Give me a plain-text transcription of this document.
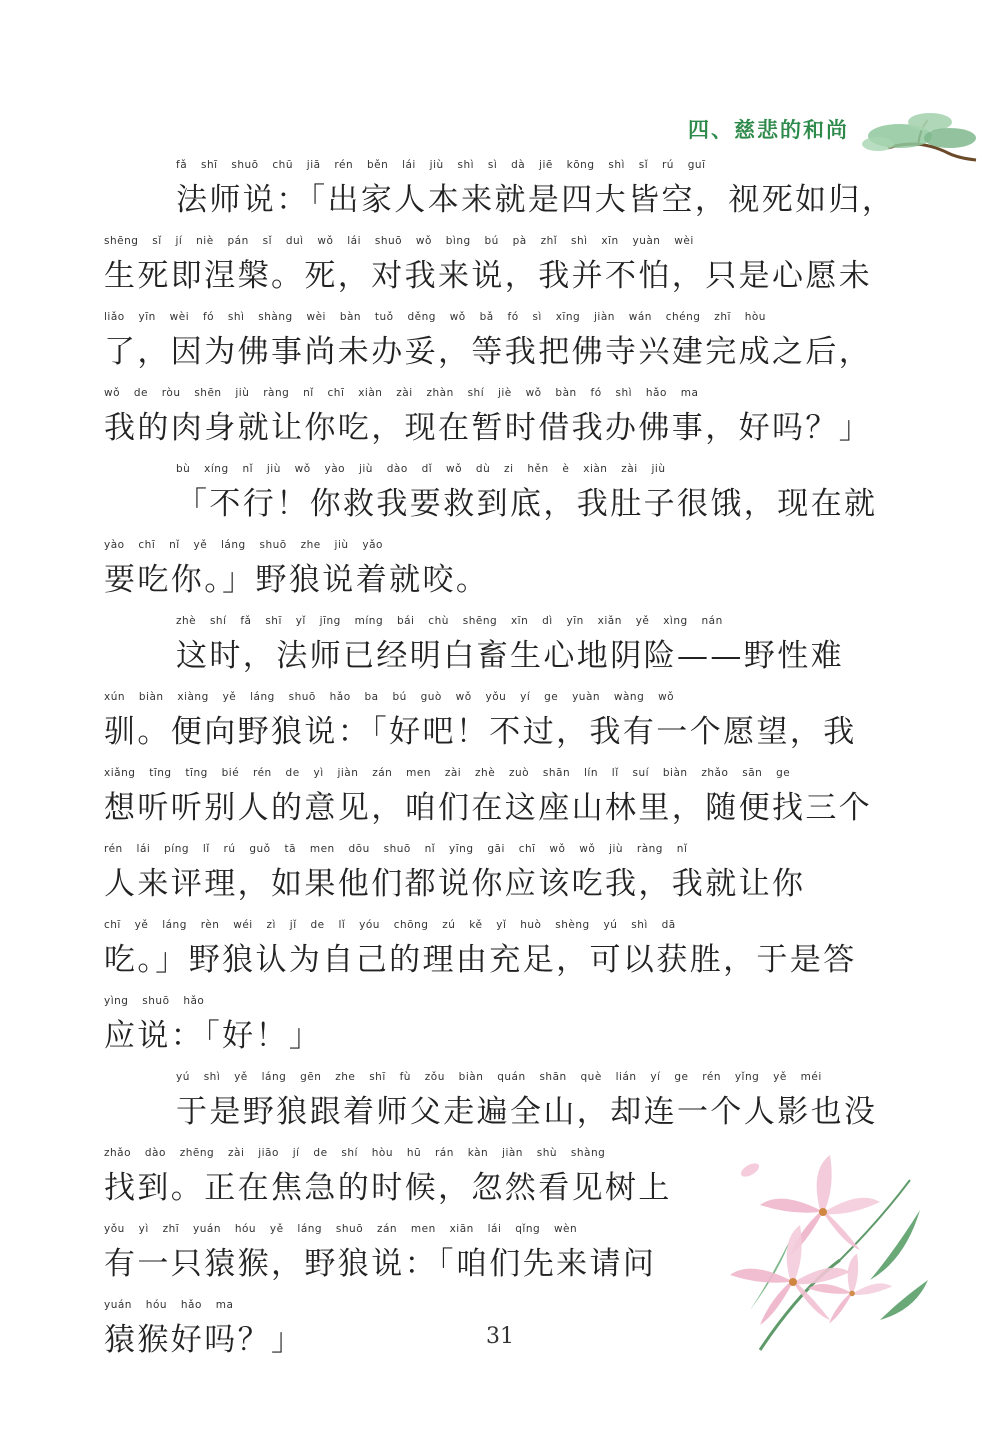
四、慈悲的和尚
fǎ shī shuō chū jiā rén běn lái jiù shì sì dà jiē kōng shì sǐ rú guī
法师说：「出家人本来就是四大皆空，视死如归，
shēng sǐ jí niè pán sǐ duì wǒ lái shuō wǒ bìng bú pà zhǐ shì xīn yuàn wèi
生死即涅槃。死，对我来说，我并不怕，只是心愿未
liǎo yīn wèi fó shì shàng wèi bàn tuǒ děng wǒ bǎ fó sì xīng jiàn wán chéng zhī hòu
了，因为佛事尚未办妥，等我把佛寺兴建完成之后，
wǒ de ròu shēn jiù ràng nǐ chī xiàn zài zhàn shí jiè wǒ bàn fó shì hǎo ma
我的肉身就让你吃，现在暂时借我办佛事，好吗？」
bù xíng nǐ jiù wǒ yào jiù dào dǐ wǒ dù zi hěn è xiàn zài jiù
「不行！你救我要救到底，我肚子很饿，现在就
yào chī nǐ yě láng shuō zhe jiù yǎo
要吃你。」野狼说着就咬。
zhè shí fǎ shī yǐ jīng míng bái chù shēng xīn dì yīn xiǎn yě xìng nán
这时，法师已经明白畜生心地阴险——野性难
xún biàn xiàng yě láng shuō hǎo ba bú guò wǒ yǒu yí ge yuàn wàng wǒ
驯。便向野狼说：「好吧！不过，我有一个愿望，我
xiǎng tīng tīng bié rén de yì jiàn zán men zài zhè zuò shān lín lǐ suí biàn zhǎo sān ge
想听听别人的意见，咱们在这座山林里，随便找三个
rén lái píng lǐ rú guǒ tā men dōu shuō nǐ yīng gāi chī wǒ wǒ jiù ràng nǐ
人来评理，如果他们都说你应该吃我，我就让你
chī yě láng rèn wéi zì jǐ de lǐ yóu chōng zú kě yǐ huò shèng yú shì dā
吃。」野狼认为自己的理由充足，可以获胜，于是答
yìng shuō hǎo
应说：「好！」
yú shì yě láng gēn zhe shī fù zǒu biàn quán shān què lián yí ge rén yǐng yě méi
于是野狼跟着师父走遍全山，却连一个人影也没
zhǎo dào zhēng zài jiāo jí de shí hòu hū rán kàn jiàn shù shàng
找到。正在焦急的时候，忽然看见树上
yǒu yì zhī yuán hóu yě láng shuō zán men xiān lái qǐng wèn
有一只猿猴，野狼说：「咱们先来请问
yuán hóu hǎo ma
猿猴好吗？」	31
